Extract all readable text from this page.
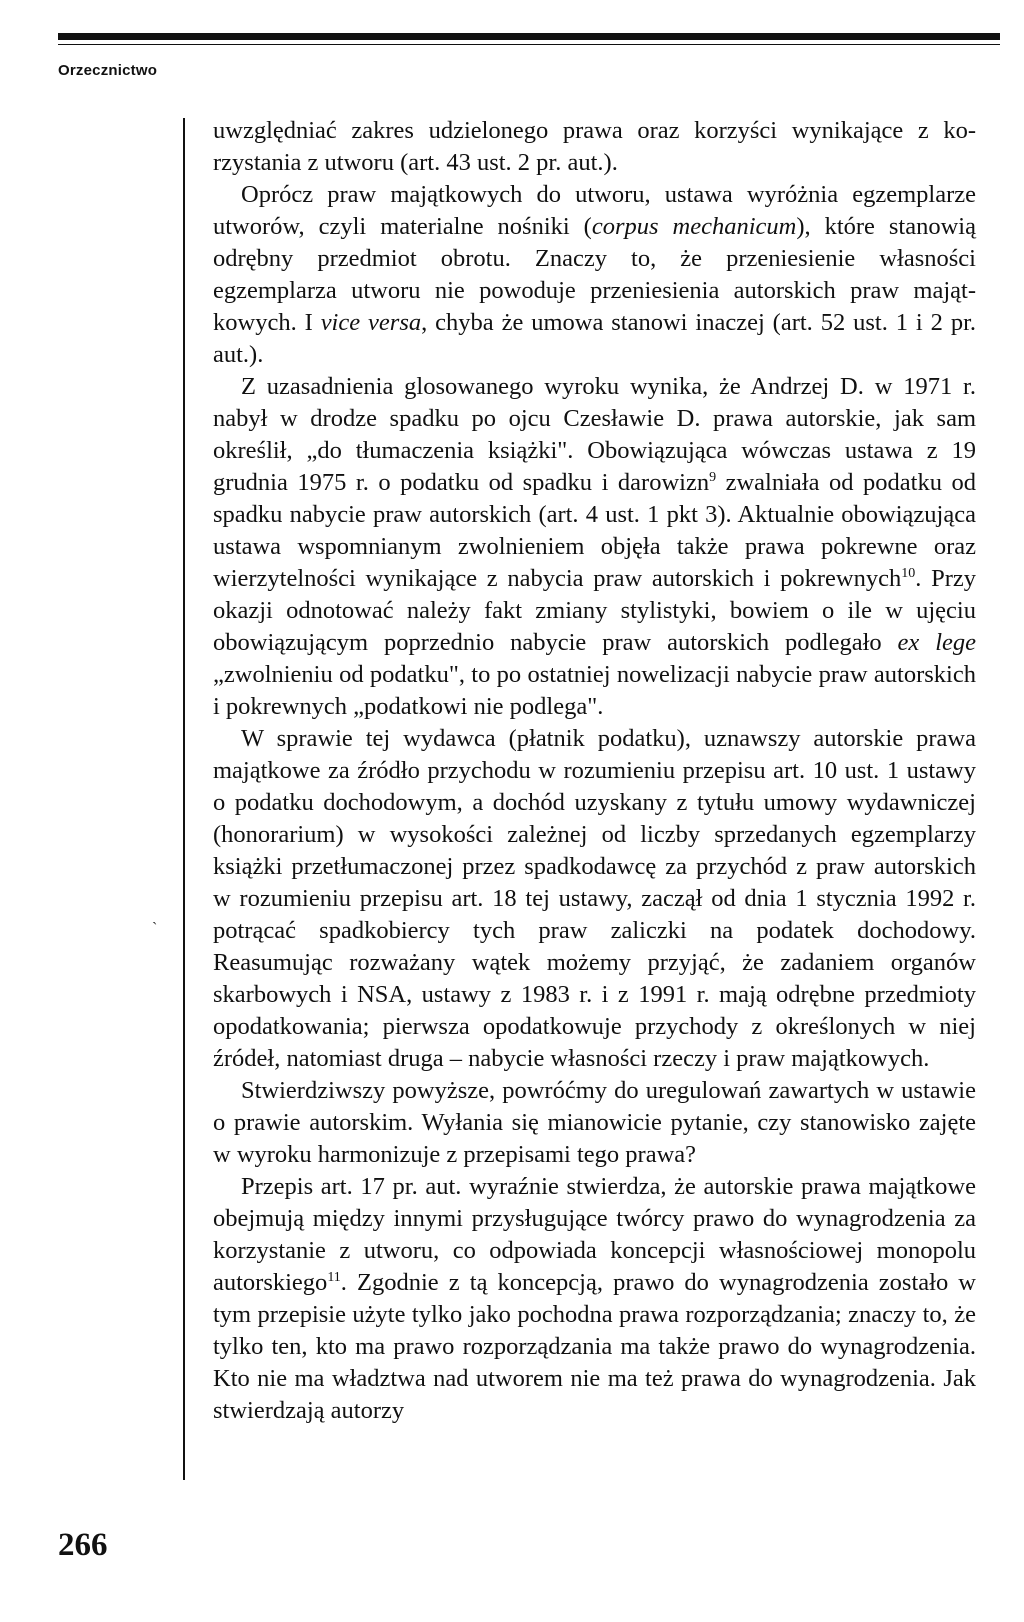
Orzecznictwo

uwzględniać zakres udzielonego prawa oraz korzyści wynikające z korzystania z utworu (art. 43 ust. 2 pr. aut.).

Oprócz praw majątkowych do utworu, ustawa wyróżnia egzemplarze utworów, czyli materialne nośniki (corpus mechanicum), które stanowią odrębny przedmiot obrotu. Znaczy to, że przeniesienie własności egzemplarza utworu nie powoduje przeniesienia autorskich praw majątkowych. I vice versa, chyba że umowa stanowi inaczej (art. 52 ust. 1 i 2 pr. aut.).

Z uzasadnienia glosowanego wyroku wynika, że Andrzej D. w 1971 r. nabył w drodze spadku po ojcu Czesławie D. prawa autorskie, jak sam określił, „do tłumaczenia książki". Obowiązująca wówczas ustawa z 19 grudnia 1975 r. o podatku od spadku i darowizn$^9$ zwalniała od podatku od spadku nabycie praw autorskich (art. 4 ust. 1 pkt 3). Aktualnie obowiązująca ustawa wspomnianym zwolnieniem objęła także prawa pokrewne oraz wierzytelności wynikające z nabycia praw autorskich i pokrewnych$^{10}$. Przy okazji odnotować należy fakt zmiany stylistyki, bowiem o ile w ujęciu obowiązującym poprzednio nabycie praw autorskich podlegało ex lege „zwolnieniu od podatku", to po ostatniej nowelizacji nabycie praw autorskich i pokrewnych „podatkowi nie podlega".

W sprawie tej wydawca (płatnik podatku), uznawszy autorskie prawa majątkowe za źródło przychodu w rozumieniu przepisu art. 10 ust. 1 ustawy o podatku dochodowym, a dochód uzyskany z tytułu umowy wydawniczej (honorarium) w wysokości zależnej od liczby sprzedanych egzemplarzy książki przetłumaczonej przez spadkodawcę za przychód z praw autorskich w rozumieniu przepisu art. 18 tej ustawy, zaczął od dnia 1 stycznia 1992 r. potrącać spadkobiercy tych praw zaliczki na podatek dochodowy. Reasumując rozważany wątek możemy przyjąć, że zadaniem organów skarbowych i NSA, ustawy z 1983 r. i z 1991 r. mają odrębne przedmioty opodatkowania; pierwsza opodatkowuje przychody z określonych w niej źródeł, natomiast druga – nabycie własności rzeczy i praw majątkowych.

Stwierdziwszy powyższe, powróćmy do uregulowań zawartych w ustawie o prawie autorskim. Wyłania się mianowicie pytanie, czy stanowisko zajęte w wyroku harmonizuje z przepisami tego prawa?

Przepis art. 17 pr. aut. wyraźnie stwierdza, że autorskie prawa majątkowe obejmują między innymi przysługujące twórcy prawo do wynagrodzenia za korzystanie z utworu, co odpowiada koncepcji własnościowej monopolu autorskiego$^{11}$. Zgodnie z tą koncepcją, prawo do wynagrodzenia zostało w tym przepisie użyte tylko jako pochodna prawa rozporządzania; znaczy to, że tylko ten, kto ma prawo rozporządzania ma także prawo do wynagrodzenia. Kto nie ma władztwa nad utworem nie ma też prawa do wynagrodzenia. Jak stwierdzają autorzy

ˏ
266
